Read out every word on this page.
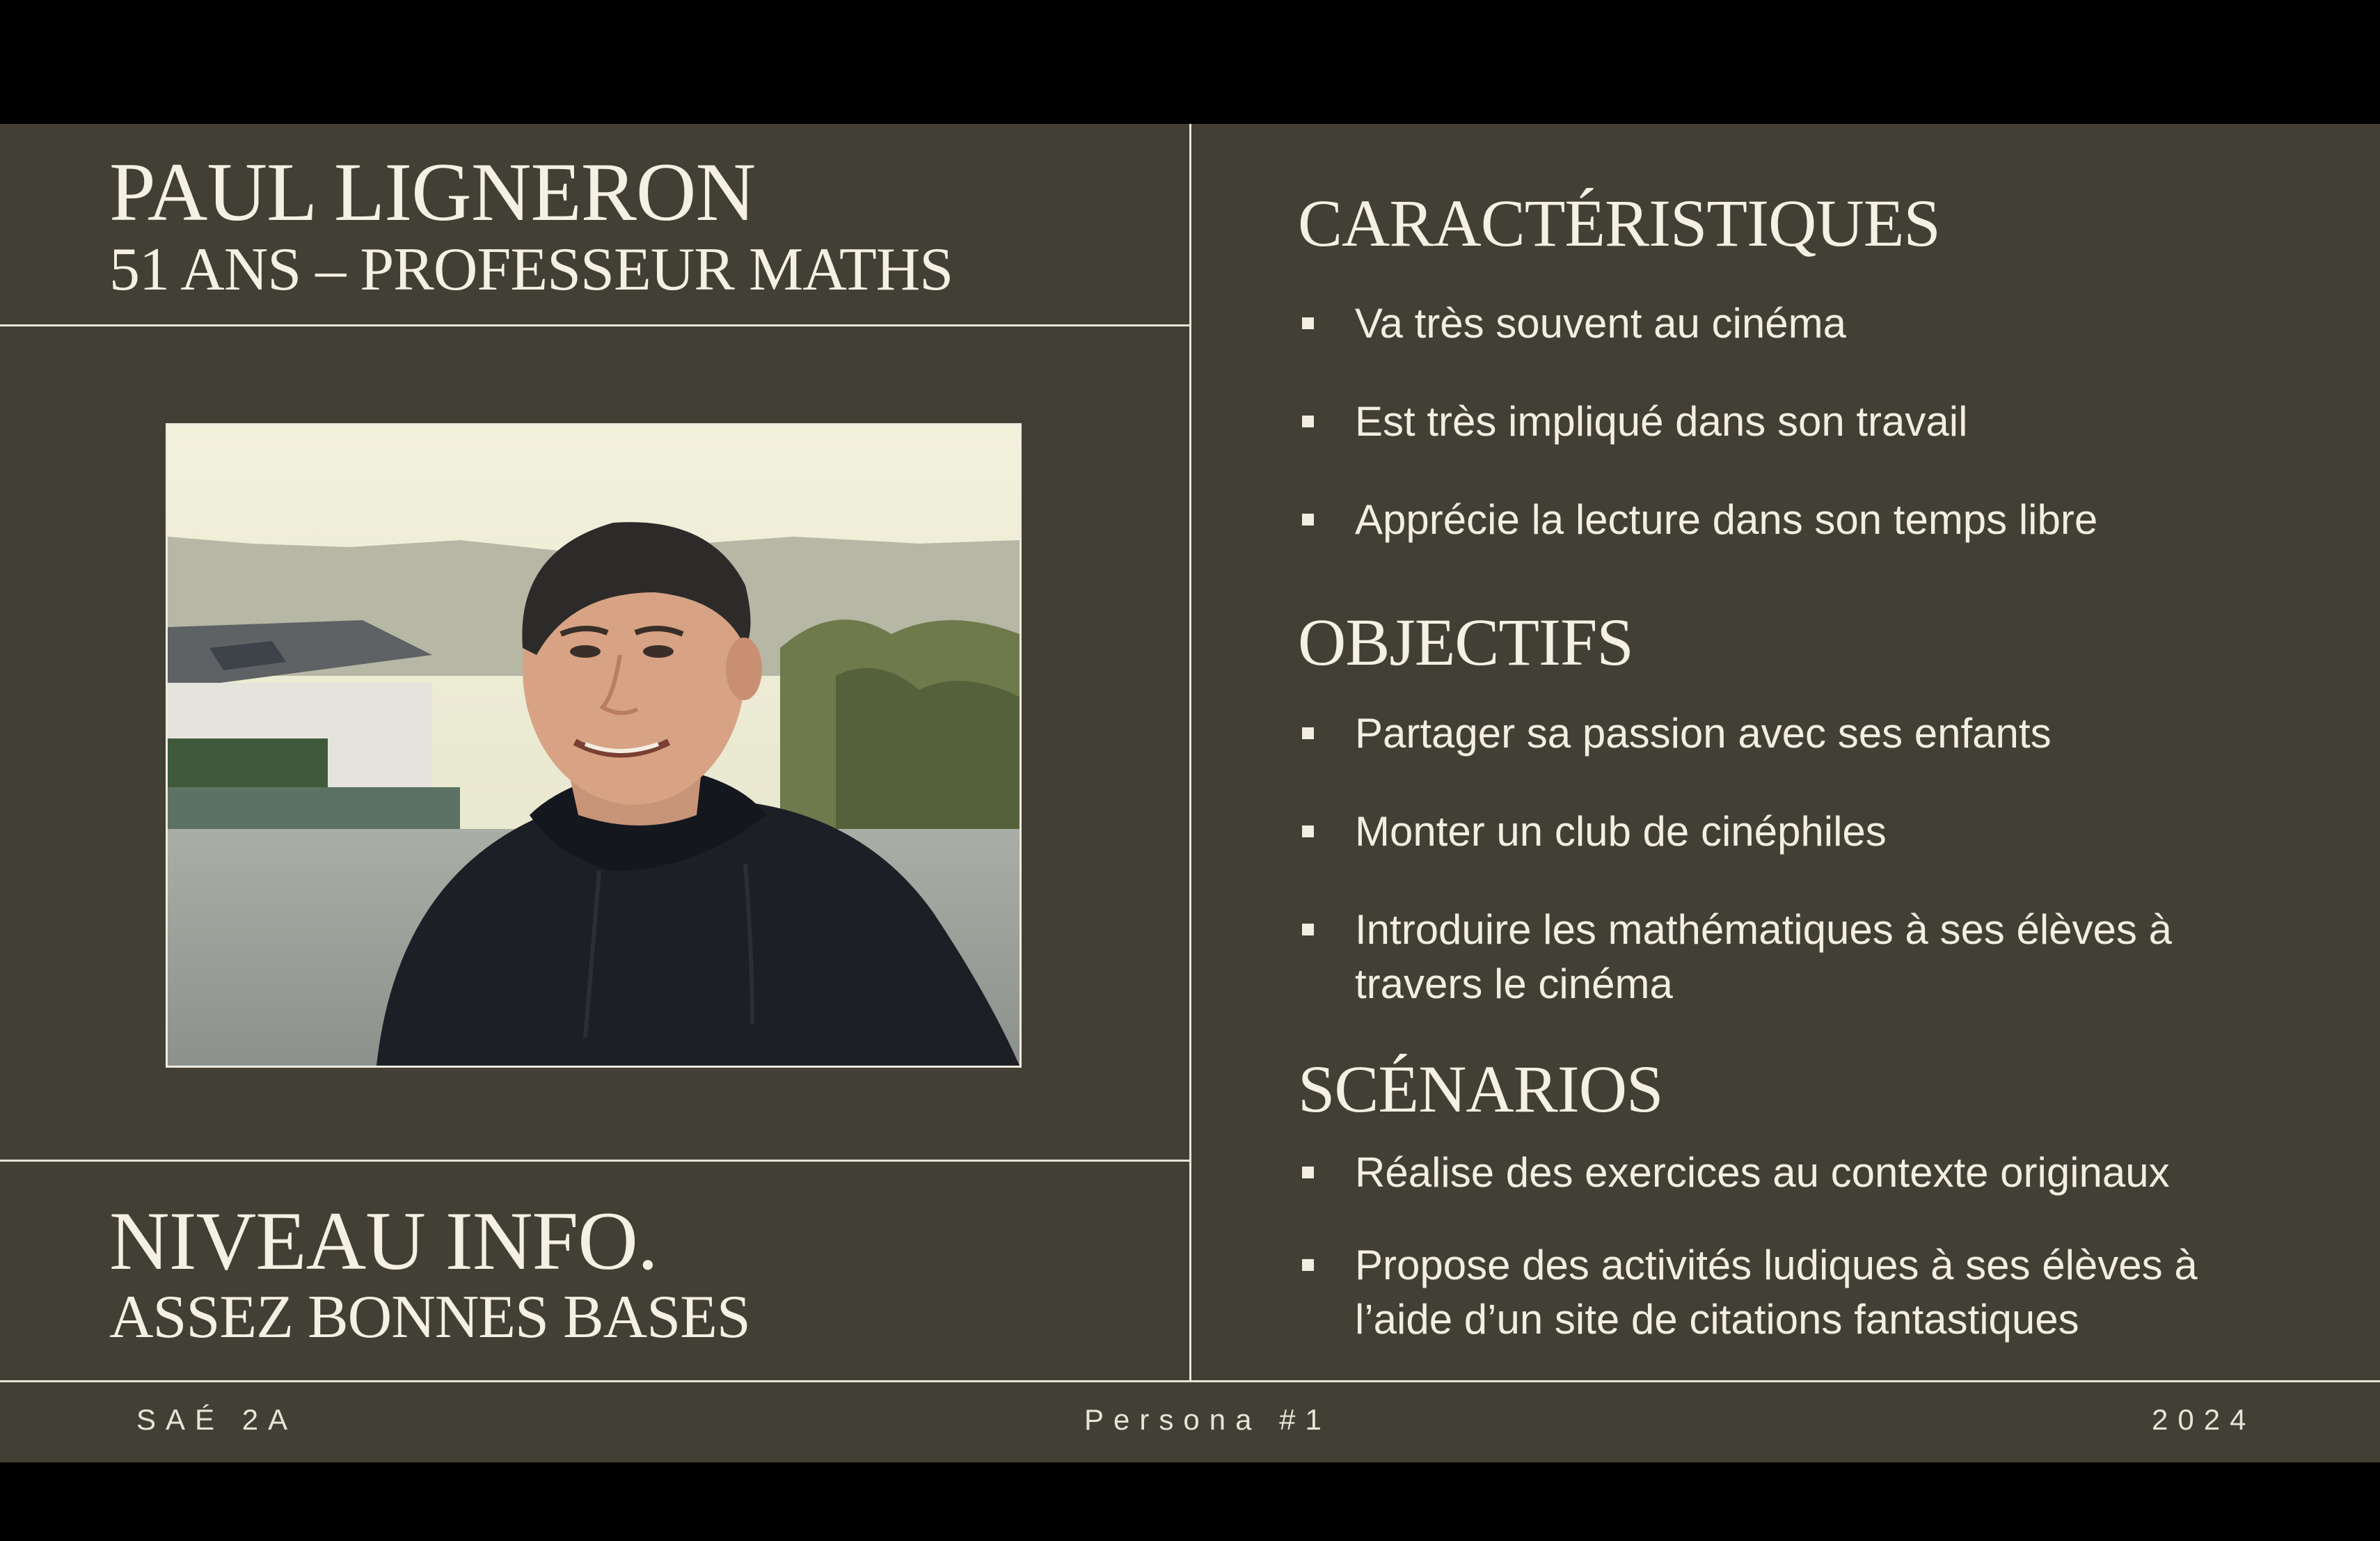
PAUL LIGNERON
51 ANS – PROFESSEUR MATHS
NIVEAU INFO.
ASSEZ BONNES BASES
CARACTÉRISTIQUES
Va très souvent au cinéma
Est très impliqué dans son travail
Apprécie la lecture dans son temps libre
OBJECTIFS
Partager sa passion avec ses enfants
Monter un club de cinéphiles
Introduire les mathématiques à ses élèves à travers le cinéma
SCÉNARIOS
Réalise des exercices au contexte originaux
Propose des activités ludiques à ses élèves à l’aide d’un site de citations fantastiques
SAÉ 2A	Persona #1	2024
